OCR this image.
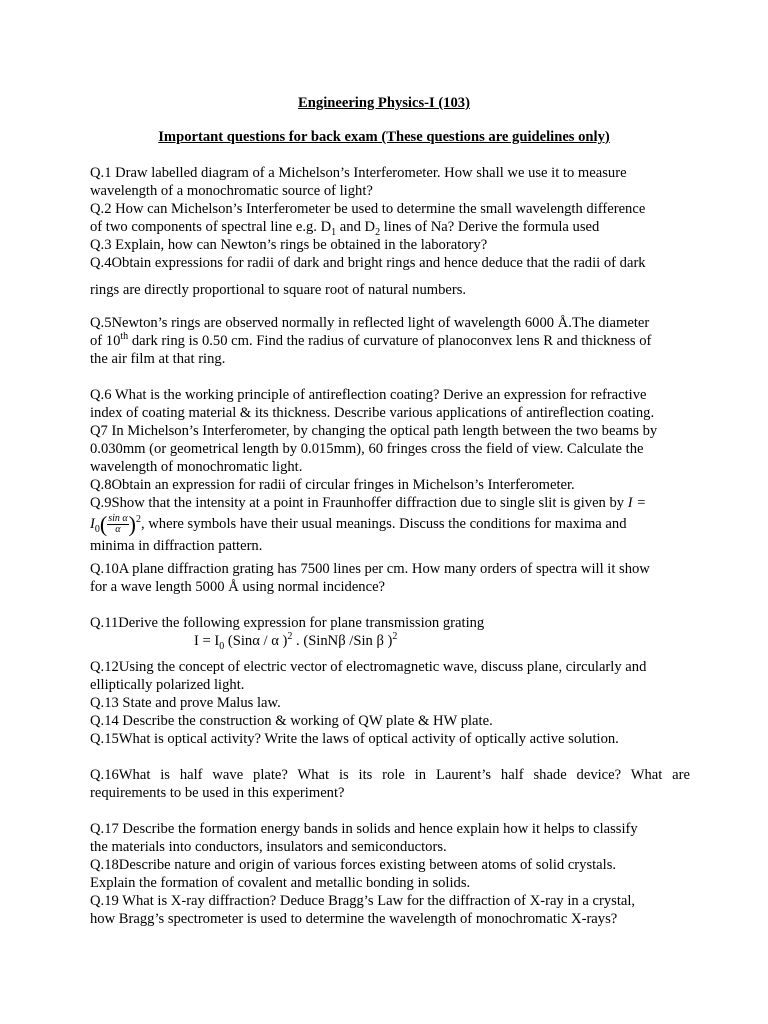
Engineering Physics-I (103)
Important questions for back exam (These questions are guidelines only)
Q.1 Draw labelled diagram of a Michelson’s Interferometer. How shall we use it to measure
wavelength of a monochromatic source of light?
Q.2 How can Michelson’s Interferometer be used to determine the small wavelength difference
of two components of spectral line e.g. $D_1$ and $D_2$ lines of Na? Derive the formula used
Q.3 Explain, how can Newton’s rings be obtained in the laboratory?
Q.4Obtain expressions for radii of dark and bright rings and hence deduce that the radii of dark
rings are directly proportional to square root of natural numbers.
Q.5Newton’s rings are observed normally in reflected light of wavelength 6000 Å.The diameter
of 10th dark ring is 0.50 cm. Find the radius of curvature of planoconvex lens R and thickness of
the air film at that ring.
Q.6 What is the working principle of antireflection coating? Derive an expression for refractive
index of coating material & its thickness. Describe various applications of antireflection coating.
Q7 In Michelson’s Interferometer, by changing the optical path length between the two beams by
0.030mm (or geometrical length by 0.015mm), 60 fringes cross the field of view. Calculate the
wavelength of monochromatic light.
Q.8Obtain an expression for radii of circular fringes in Michelson’s Interferometer.
Q.9Show that the intensity at a point in Fraunhoffer diffraction due to single slit is given by I =
$I_0( \frac{\text{sin α}}{\alpha} )^2$, where symbols have their usual meanings. Discuss the conditions for maxima and
minima in diffraction pattern.
Q.10A plane diffraction grating has 7500 lines per cm. How many orders of spectra will it show
for a wave length 5000 Å using normal incidence?
Q.11Derive the following expression for plane transmission grating
$I = I_0$ (Sinα / α )$^2$ . (SinNβ /Sin β )$^2$
Q.12Using the concept of electric vector of electromagnetic wave, discuss plane, circularly and
elliptically polarized light.
Q.13 State and prove Malus law.
Q.14 Describe the construction & working of QW plate & HW plate.
Q.15What is optical activity? Write the laws of optical activity of optically active solution.
Q.16What is half wave plate? What is its role in Laurent’s half shade device? What are
requirements to be used in this experiment?
Q.17 Describe the formation energy bands in solids and hence explain how it helps to classify
the materials into conductors, insulators and semiconductors.
Q.18Describe nature and origin of various forces existing between atoms of solid crystals.
Explain the formation of covalent and metallic bonding in solids.
Q.19 What is X-ray diffraction? Deduce Bragg’s Law for the diffraction of X-ray in a crystal,
how Bragg’s spectrometer is used to determine the wavelength of monochromatic X-rays?
